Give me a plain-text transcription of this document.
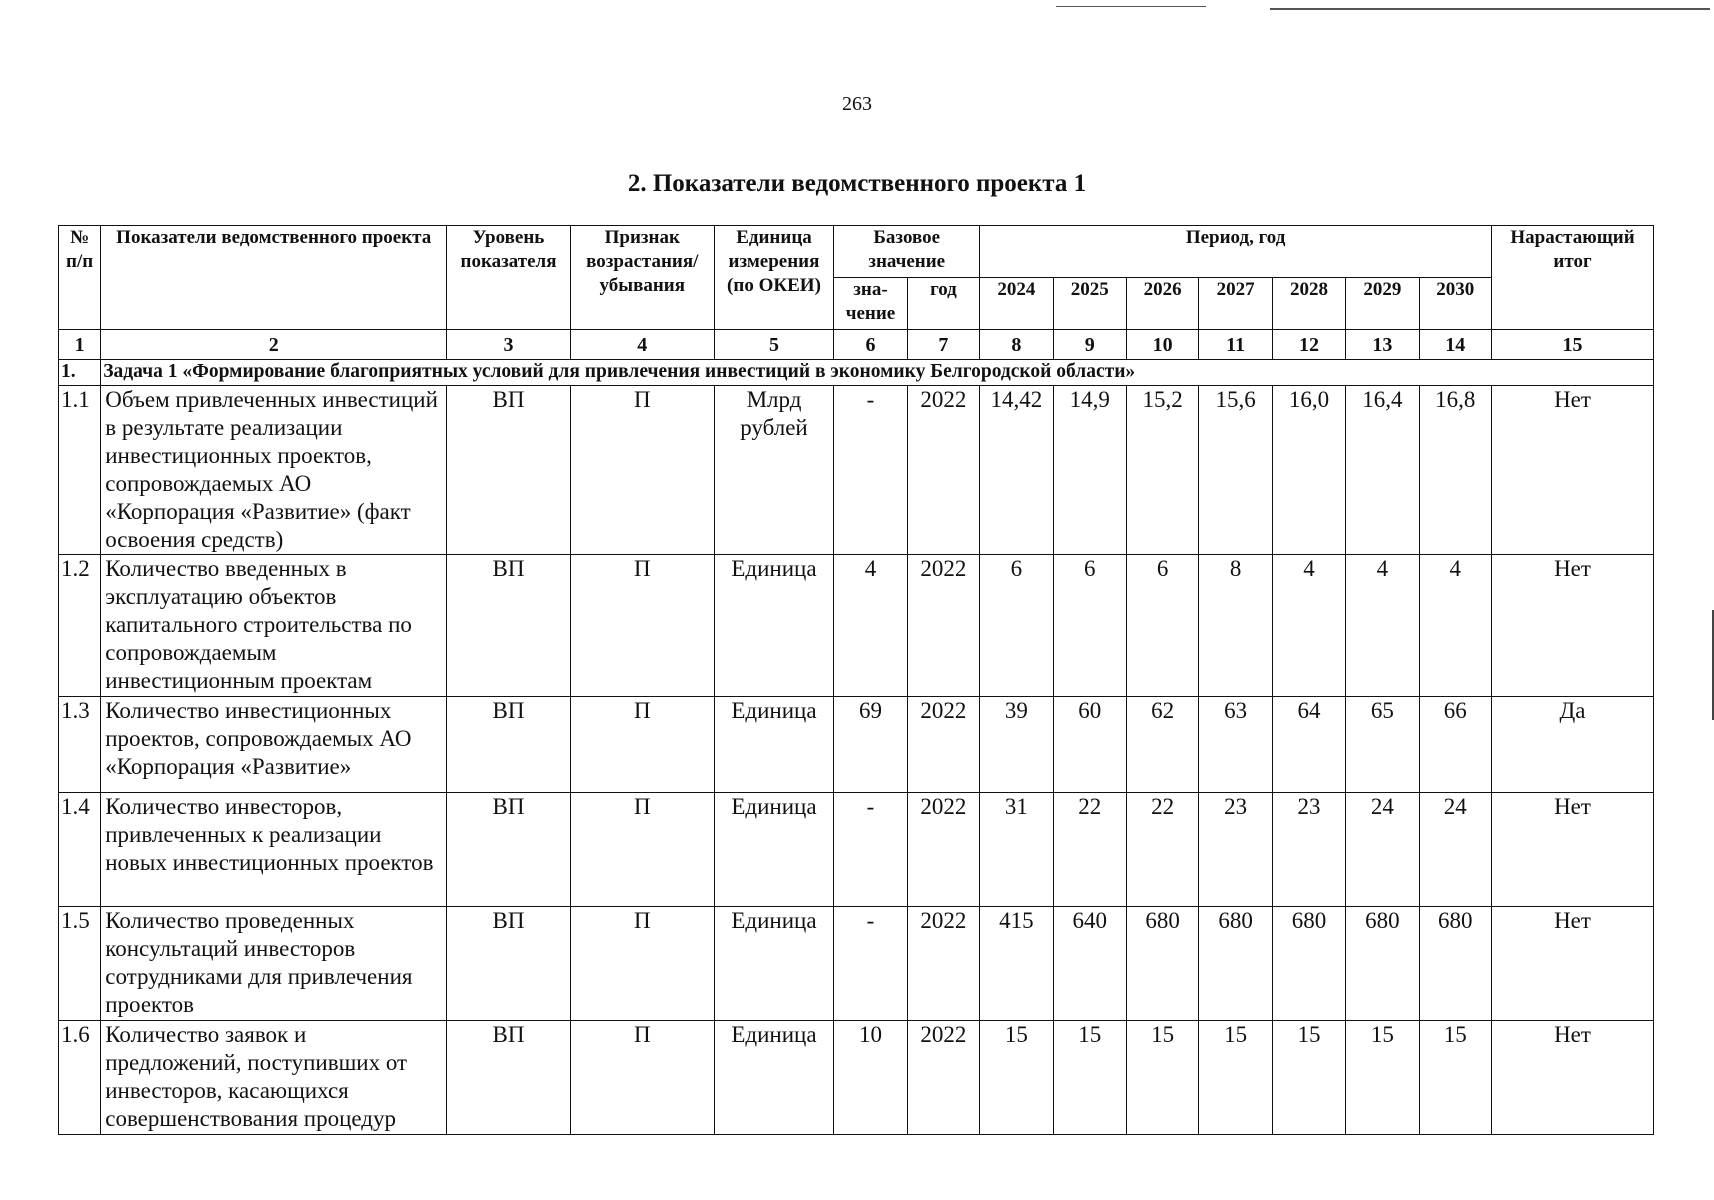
263
2. Показатели ведомственного проекта 1
№ п/п	Показатели ведомственного проекта	Уровень показателя	Признак возрастания/ убывания	Единица измерения (по ОКЕИ)	Базовое значение		Период, год							Нарастающий итог

					зна-чение	год	2024	2025	2026	2027	2028	2029	2030	
1	2	3	4	5	6	7	8	9	10	11	12	13	14	15
1.	Задача 1 «Формирование благоприятных условий для привлечения инвестиций в экономику Белгородской области»													
1.1	Объем привлеченных инвестиций в результате реализации инвестиционных проектов, сопровождаемых АО «Корпорация «Развитие» (факт освоения средств)	ВП	П	Млрд рублей	-	2022	14,42	14,9	15,2	15,6	16,0	16,4	16,8	Нет
1.2	Количество введенных в эксплуатацию объектов капитального строительства по сопровождаемым инвестиционным проектам	ВП	П	Единица	4	2022	6	6	6	8	4	4	4	Нет
1.3	Количество инвестиционных проектов, сопровождаемых АО «Корпорация «Развитие»	ВП	П	Единица	69	2022	39	60	62	63	64	65	66	Да
1.4	Количество инвесторов, привлеченных к реализации новых инвестиционных проектов	ВП	П	Единица	-	2022	31	22	22	23	23	24	24	Нет
1.5	Количество проведенных консультаций инвесторов сотрудниками для привлечения проектов	ВП	П	Единица	-	2022	415	640	680	680	680	680	680	Нет
1.6	Количество заявок и предложений, поступивших от инвесторов, касающихся совершенствования процедур	ВП	П	Единица	10	2022	15	15	15	15	15	15	15	Нет
